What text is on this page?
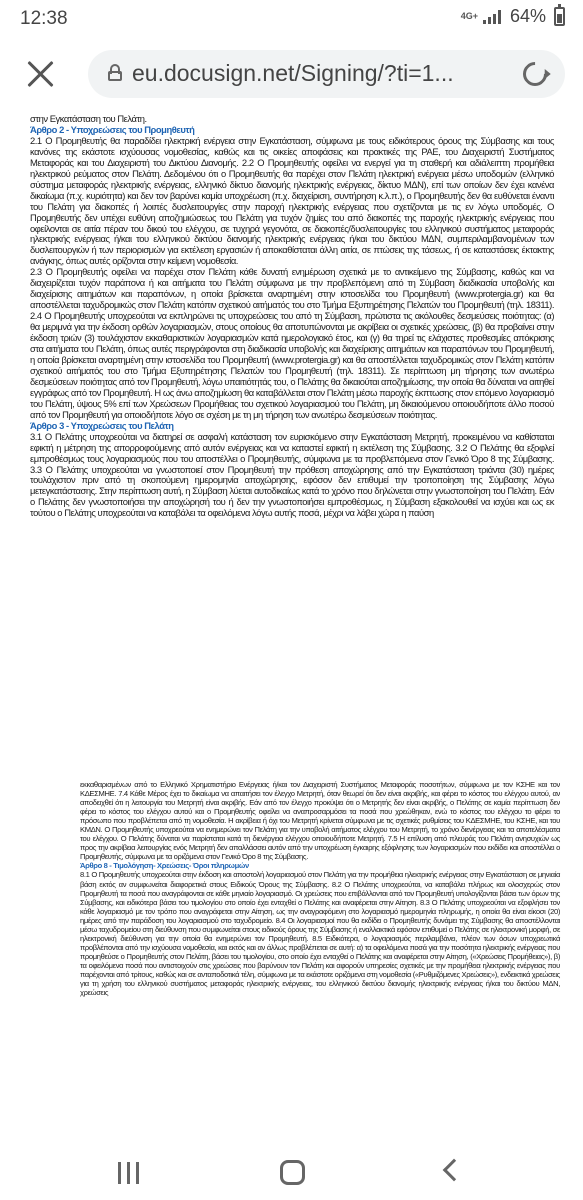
12:38	4G+ 64%
eu.docusign.net/Signing/?ti=1...
στην Εγκατάσταση του Πελάτη.
Άρθρο 2 - Υποχρεώσεις του Προμηθευτή
2.1 Ο Προμηθευτής θα παραδίδει ηλεκτρική ενέργεια στην Εγκατάσταση, σύμφωνα με τους ειδικότερους όρους της Σύμβασης και τους κανόνες της εκάστοτε ισχύουσας νομοθεσίας, καθώς και τις οικείες αποφάσεις και πρακτικές της ΡΑΕ, του Διαχειριστή Συστήματος Μεταφοράς και του Διαχειριστή του Δικτύου Διανομής. 2.2 Ο Προμηθευτής οφείλει να ενεργεί για τη σταθερή και αδιάλειπτη προμήθεια ηλεκτρικού ρεύματος στον Πελάτη. Δεδομένου ότι ο Προμηθευτής θα παρέχει στον Πελάτη ηλεκτρική ενέργεια μέσω υποδομών (ελληνικό σύστημα μεταφοράς ηλεκτρικής ενέργειας, ελληνικό δίκτυο διανομής ηλεκτρικής ενέργειας, δίκτυο ΜΔΝ), επί των οποίων δεν έχει κανένα δικαίωμα (π.χ. κυριότητα) και δεν τον βαρύνει καμία υποχρέωση (π.χ. διαχείριση, συντήρηση κ.λ.π.), ο Προμηθευτής δεν θα ευθύνεται έναντι του Πελάτη για διακοπές ή λοιπές δυσλειτουργίες στην παροχή ηλεκτρικής ενέργειας που σχετίζονται με τις εν λόγω υποδομές. Ο Προμηθευτής δεν υπέχει ευθύνη αποζημιώσεως του Πελάτη για τυχόν ζημίες του από διακοπές της παροχής ηλεκτρικής ενέργειας που οφείλονται σε αιτία πέραν του δικού του ελέγχου, σε τυχηρά γεγονότα, σε διακοπές/δυσλειτουργίες του ελληνικού συστήματος μεταφοράς ηλεκτρικής ενέργειας ή/και του ελληνικού δικτύου διανομής ηλεκτρικής ενέργειας ή/και του δικτύου ΜΔΝ, συμπεριλαμβανομένων των δυσλειτουργιών ή των περιορισμών για εκτέλεση εργασιών ή αποκαθίσταται άλλη αιτία, σε πτώσεις της τάσεως, ή σε καταστάσεις έκτακτης ανάγκης, όπως αυτές ορίζονται στην κείμενη νομοθεσία.
2.3 Ο Προμηθευτής οφείλει να παρέχει στον Πελάτη κάθε δυνατή ενημέρωση σχετικά με το αντικείμενο της Σύμβασης, καθώς και να διαχειρίζεται τυχόν παράπονα ή και αιτήματα του Πελάτη σύμφωνα με την προβλεπόμενη από τη Σύμβαση διαδικασία υποβολής και διαχείρισης αιτημάτων και παραπόνων, η οποία βρίσκεται αναρτημένη στην ιστοσελίδα του Προμηθευτή (www.protergia.gr) και θα αποστέλλεται ταχυδρομικώς στον Πελάτη κατόπιν σχετικού αιτήματός του στο Τμήμα Εξυπηρέτησης Πελατών του Προμηθευτή (τηλ. 18311). 2.4 Ο Προμηθευτής υποχρεούται να εκπληρώνει τις υποχρεώσεις του από τη Σύμβαση, πρώτιστα τις ακόλουθες δεσμεύσεις ποιότητας: (α) θα μεριμνά για την έκδοση ορθών λογαριασμών, στους οποίους θα αποτυπώνονται με ακρίβεια οι σχετικές χρεώσεις, (β) θα προβαίνει στην έκδοση τριών (3) τουλάχιστον εκκαθαριστικών λογαριασμών κατά ημερολογιακό έτος, και (γ) θα τηρεί τις ελάχιστες προθεσμίες απόκρισης στα αιτήματα του Πελάτη, όπως αυτές περιγράφονται στη διαδικασία υποβολής και διαχείρισης αιτημάτων και παραπόνων του Προμηθευτή, η οποία βρίσκεται αναρτημένη στην ιστοσελίδα του Προμηθευτή (www.protergia.gr) και θα αποστέλλεται ταχυδρομικώς στον Πελάτη κατόπιν σχετικού αιτήματός του στο Τμήμα Εξυπηρέτησης Πελατών του Προμηθευτή (τηλ. 18311). Σε περίπτωση μη τήρησης των ανωτέρω δεσμεύσεων ποιότητας από τον Προμηθευτή, λόγω υπαιτιότητάς του, ο Πελάτης θα δικαιούται αποζημίωσης, την οποία θα δύναται να αιτηθεί εγγράφως από τον Προμηθευτή. Η ως άνω αποζημίωση θα καταβάλλεται στον Πελάτη μέσω παροχής έκπτωσης στον επόμενο λογαριασμό του Πελάτη, ύψους 5% επί των Χρεώσεων Προμήθειας του σχετικού λογαριασμού του Πελάτη, μη δικαιούμενου οποιουδήποτε άλλο ποσού από τον Προμηθευτή για οποιοδήποτε λόγο σε σχέση με τη μη τήρηση των ανωτέρω δεσμεύσεων ποιότητας.
Άρθρο 3 - Υποχρεώσεις του Πελάτη
3.1 Ο Πελάτης υποχρεούται να διατηρεί σε ασφαλή κατάσταση τον ευρισκόμενο στην Εγκατάσταση Μετρητή, προκειμένου να καθίσταται εφικτή η μέτρηση της απορροφούμενης από αυτόν ενέργειας και να καταστεί εφικτή η εκτέλεση της Σύμβασης. 3.2 Ο Πελάτης θα εξοφλεί εμπροθέσμως τους λογαριασμούς που του αποστέλλει ο Προμηθευτής, σύμφωνα με τα προβλεπόμενα στον Γενικό Όρο 8 της Σύμβασης. 3.3 Ο Πελάτης υποχρεούται να γνωστοποιεί στον Προμηθευτή την πρόθεση αποχώρησης από την Εγκατάσταση τριάντα (30) ημέρες τουλάχιστον πριν από τη σκοπούμενη ημερομηνία αποχώρησης, εφόσον δεν επιθυμεί την τροποποίηση της Σύμβασης λόγω μετεγκατάστασης. Στην περίπτωση αυτή, η Σύμβαση λύεται αυτοδικαίως κατά το χρόνο που δηλώνεται στην γνωστοποίηση του Πελάτη. Εάν ο Πελάτης δεν γνωστοποιήσει την αποχώρησή του ή δεν την γνωστοποιήσει εμπροθέσμως, η Σύμβαση εξακολουθεί να ισχύει και ως εκ τούτου ο Πελάτης υποχρεούται να καταβάλει τα οφειλόμενα λόγω αυτής ποσά, μέχρι να λάβει χώρα η παύση
εκκαθαρισμένων από το Ελληνικό Χρηματιστήριο Ενέργειας ή/και τον Διαχειριστή Συστήματος Μεταφοράς ποσοτήτων, σύμφωνα με τον ΚΣΗΕ και τον ΚΔΕΣΜΗΕ. 7.4 Κάθε Μέρος έχει το δικαίωμα να απαιτήσει τον έλεγχο Μετρητή, όταν θεωρεί ότι δεν είναι ακριβής, και φέρει το κόστος του ελέγχου αυτού, αν αποδειχθεί ότι η λειτουργία του Μετρητή είναι ακριβής. Εάν από τον έλεγχο προκύψει ότι ο Μετρητής δεν είναι ακριβής, ο Πελάτης σε καμία περίπτωση δεν φέρει το κόστος του ελέγχου αυτού και ο Προμηθευτής οφείλει να αναπροσαρμόσει τα ποσά που χρεώθηκαν, ενώ το κόστος του ελέγχου το φέρει το πρόσωπο που προβλέπεται από τη νομοθεσία. Η ακρίβεια ή όχι του Μετρητή κρίνεται σύμφωνα με τις σχετικές ρυθμίσεις του ΚΔΕΣΜΗΕ, του ΚΣΗΕ, και του ΚΜΔΝ. Ο Προμηθευτής υποχρεούται να ενημερώνει τον Πελάτη για την υποβολή αιτήματος ελέγχου του Μετρητή, το χρόνο διενέργειας και τα αποτελέσματα του ελέγχου. Ο Πελάτης δύναται να παρίσταται κατά τη διενέργεια ελέγχου οποιουδήποτε Μετρητή. 7.5 Η επίλυση από πλευράς του Πελάτη ανησυχιών ως προς την ακρίβεια λειτουργίας ενός Μετρητή δεν απαλλάσσει αυτόν από την υποχρέωση έγκαιρης εξόφλησης των λογαριασμών που εκδίδει και αποστέλλει ο Προμηθευτής, σύμφωνα με τα οριζόμενα στον Γενικό Όρο 8 της Σύμβασης.
Άρθρο 8 - Τιμολόγηση- Χρεώσεις- Όροι πληρωμών
8.1 Ο Προμηθευτής υποχρεούται στην έκδοση και αποστολή λογαριασμού στον Πελάτη για την προμήθεια ηλεκτρικής ενέργειας στην Εγκατάσταση σε μηνιαία βάση εκτός αν συμφωνείται διαφορετικά στους Ειδικούς Όρους της Σύμβασης. 8.2 Ο Πελάτης υποχρεούται, να καταβάλει πλήρως και ολοσχερώς στον Προμηθευτή τα ποσά που αναγράφονται σε κάθε μηνιαίο λογαριασμό. Οι χρεώσεις που επιβάλλονται από τον Προμηθευτή υπολογίζονται βάσει των όρων της Σύμβασης, και ειδικότερα βάσει του τιμολογίου στο οποίο έχει ενταχθεί ο Πελάτης και αναφέρεται στην Αίτηση. 8.3 Ο Πελάτης υποχρεούται να εξοφλήσει τον κάθε λογαριασμό με τον τρόπο που αναγράφεται στην Αίτηση, ως την αναγραφόμενη στο λογαριασμό ημερομηνία πληρωμής, η οποία θα είναι είκοσι (20) ημέρες από την παράδοση του λογαριασμού στο ταχυδρομείο. 8.4 Οι λογαριασμοί που θα εκδίδει ο Προμηθευτής δυνάμει της Σύμβασης θα αποστέλλονται μέσω ταχυδρομείου στη διεύθυνση που συμφωνείται στους ειδικούς όρους της Σύμβασης ή εναλλακτικά εφόσον επιθυμεί ο Πελάτης σε ηλεκτρονική μορφή, σε ηλεκτρονική διεύθυνση για την οποία θα ενημερώνει τον Προμηθευτή. 8.5 Ειδικότερα, ο λογαριασμός περιλαμβάνει, πλέον των όσων υποχρεωτικά προβλέπονται από την ισχύουσα νομοθεσία, και εκτός και αν άλλως προβλέπεται σε αυτή: α) τα οφειλόμενα ποσά για την ποσότητα ηλεκτρικής ενέργειας που προμηθεύσε ο Προμηθευτής στον Πελάτη, βάσει του τιμολογίου, στο οποίο έχει ενταχθεί ο Πελάτης και αναφέρεται στην Αίτηση, («Χρεώσεις Προμήθειας»), β) τα οφειλόμενα ποσά που αντιστοιχούν στις χρεώσεις που βαρύνουν τον Πελάτη και αφορούν υπηρεσίες σχετικές με την προμήθεια ηλεκτρικής ενέργειας που παρέχονται από τρίτους, καθώς και σε ανταποδοτικά τέλη, σύμφωνα με τα εκάστοτε οριζόμενα στη νομοθεσία («Ρυθμιζόμενες Χρεώσεις»), ενδεικτικά χρεώσεις για τη χρήση του ελληνικού συστήματος μεταφοράς ηλεκτρικής ενέργειας, του ελληνικού δικτύου διανομής ηλεκτρικής ενέργειας ή/και του δικτύου ΜΔΝ, χρεώσεις
